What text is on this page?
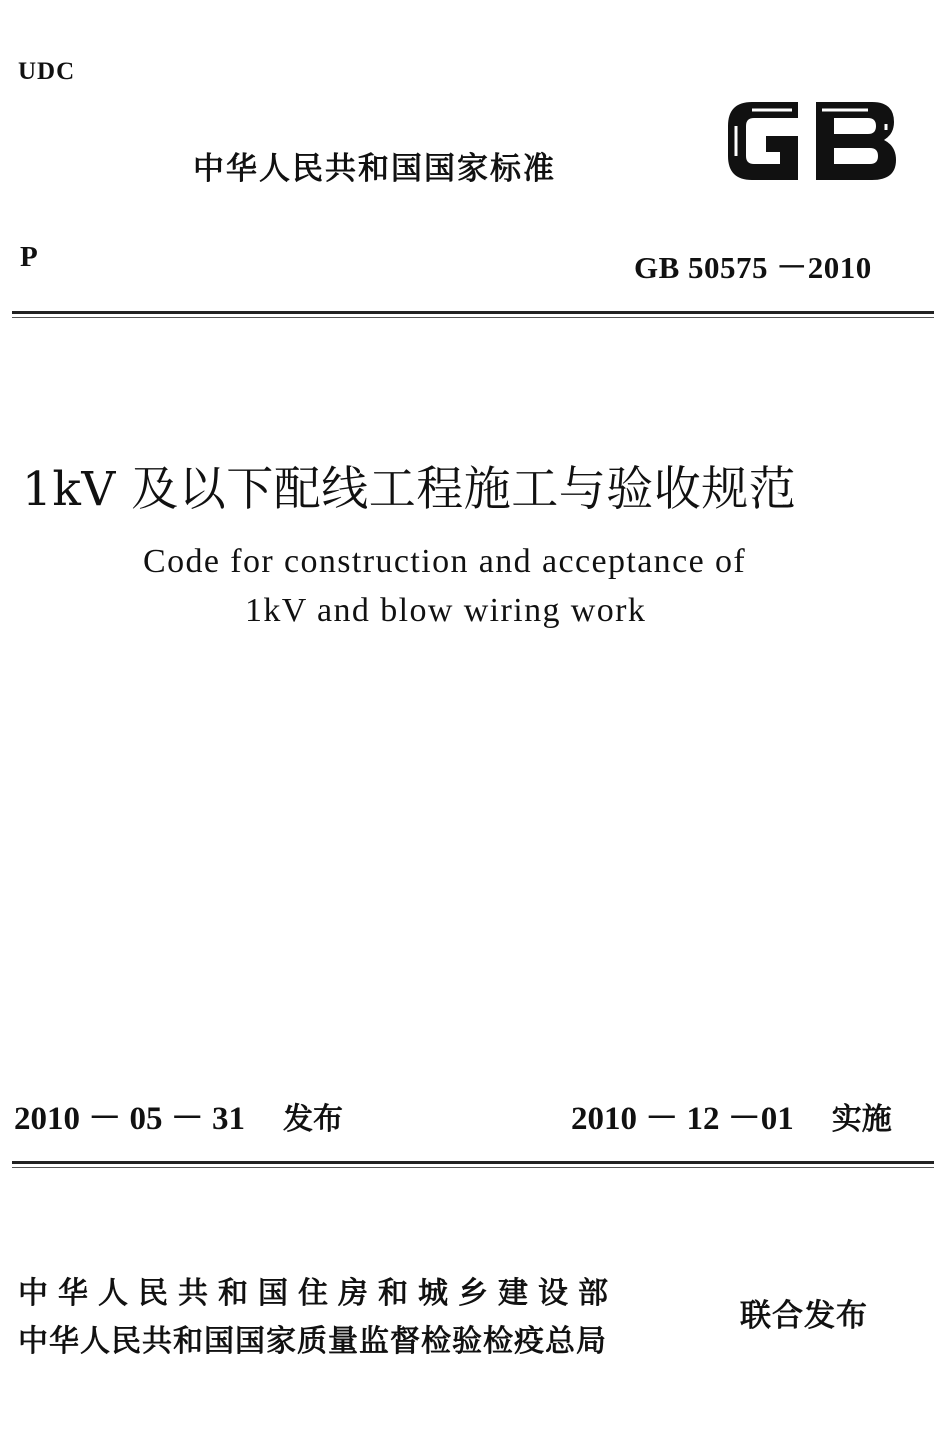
UDC
中华人民共和国国家标准
P	GB 50575 －2010
1kV 及以下配线工程施工与验收规范
Code for construction and acceptance of
1kV and blow wiring work
2010 － 05 － 31 发布	2010 － 12 －01 实施
中华人民共和国住房和城乡建设部
中华人民共和国国家质量监督检验检疫总局
联合发布
